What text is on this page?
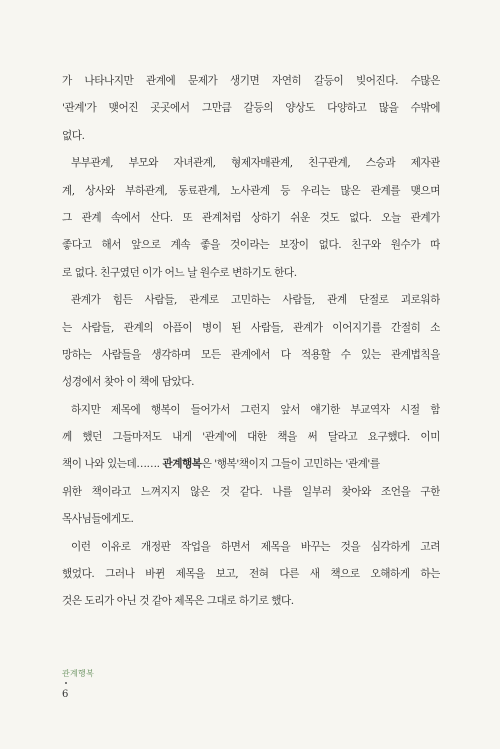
가 나타나지만 관계에 문제가 생기면 자연히 갈등이 빚어진다. 수많은
'관계'가 맺어진 곳곳에서 그만큼 갈등의 양상도 다양하고 많을 수밖에
없다.
부부관계, 부모와 자녀관계, 형제자매관계, 친구관계, 스승과 제자관
계, 상사와 부하관계, 동료관계, 노사관계 등 우리는 많은 관계를 맺으며
그 관계 속에서 산다. 또 관계처럼 상하기 쉬운 것도 없다. 오늘 관계가
좋다고 해서 앞으로 계속 좋을 것이라는 보장이 없다. 친구와 원수가 따
로 없다. 친구였던 이가 어느 날 원수로 변하기도 한다.
관계가 힘든 사람들, 관계로 고민하는 사람들, 관계 단절로 괴로워하
는 사람들, 관계의 아픔이 병이 된 사람들, 관계가 이어지기를 간절히 소
망하는 사람들을 생각하며 모든 관계에서 다 적용할 수 있는 관계법칙을
성경에서 찾아 이 책에 담았다.
하지만 제목에 행복이 들어가서 그런지 앞서 얘기한 부교역자 시절 함
께 했던 그들마저도 내게 '관계'에 대한 책을 써 달라고 요구했다. 이미
책이 나와 있는데……. 관계행복은 '행복'책이지 그들이 고민하는 '관계'를
위한 책이라고 느껴지지 않은 것 같다. 나를 일부러 찾아와 조언을 구한
목사님들에게도.
이런 이유로 개정판 작업을 하면서 제목을 바꾸는 것을 심각하게 고려
했었다. 그러나 바뀐 제목을 보고, 전혀 다른 새 책으로 오해하게 하는
것은 도리가 아닌 것 같아 제목은 그대로 하기로 했다.
관계행복
6
